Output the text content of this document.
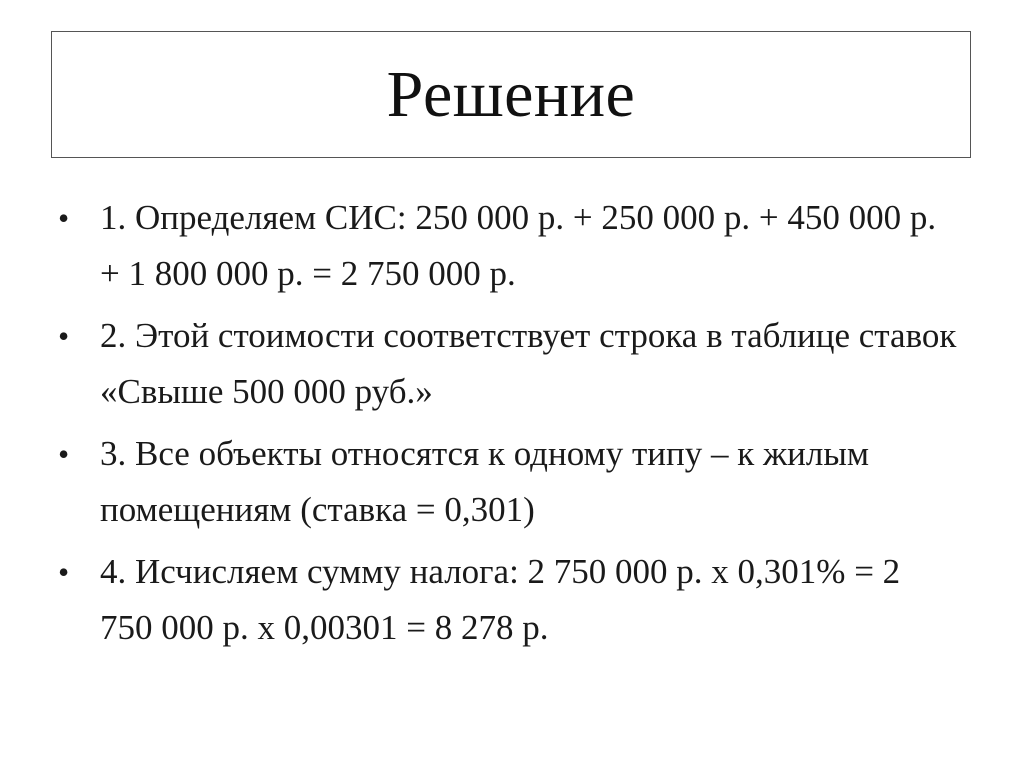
Решение
• 1. Определяем СИС: 250 000 р. + 250 000 р. + 450 000 р. + 1 800 000 р. = 2 750 000 р.
• 2. Этой стоимости соответствует строка в таблице ставок «Свыше 500 000 руб.»
• 3. Все объекты относятся к одному типу – к жилым помещениям (ставка = 0,301)
• 4. Исчисляем сумму налога: 2 750 000 р. х 0,301% = 2 750 000 р. х 0,00301 = 8 278 р.
